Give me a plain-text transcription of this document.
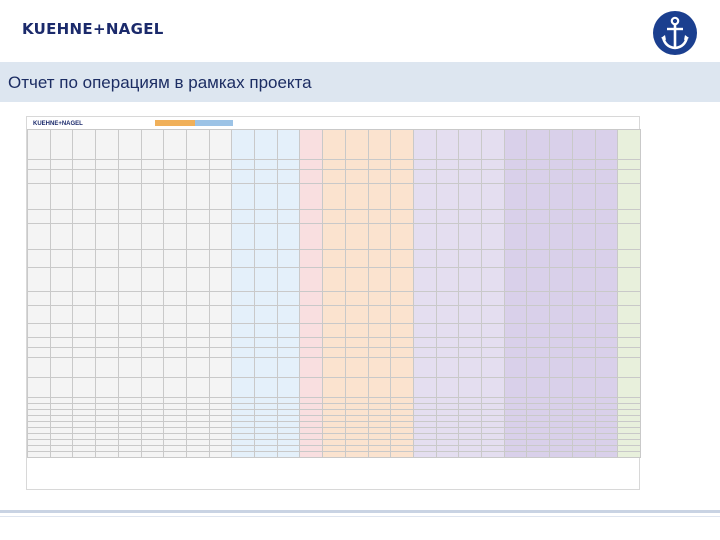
KUEHNE+NAGEL
Отчет по операциям в рамках проекта
KUEHNE+NAGEL
